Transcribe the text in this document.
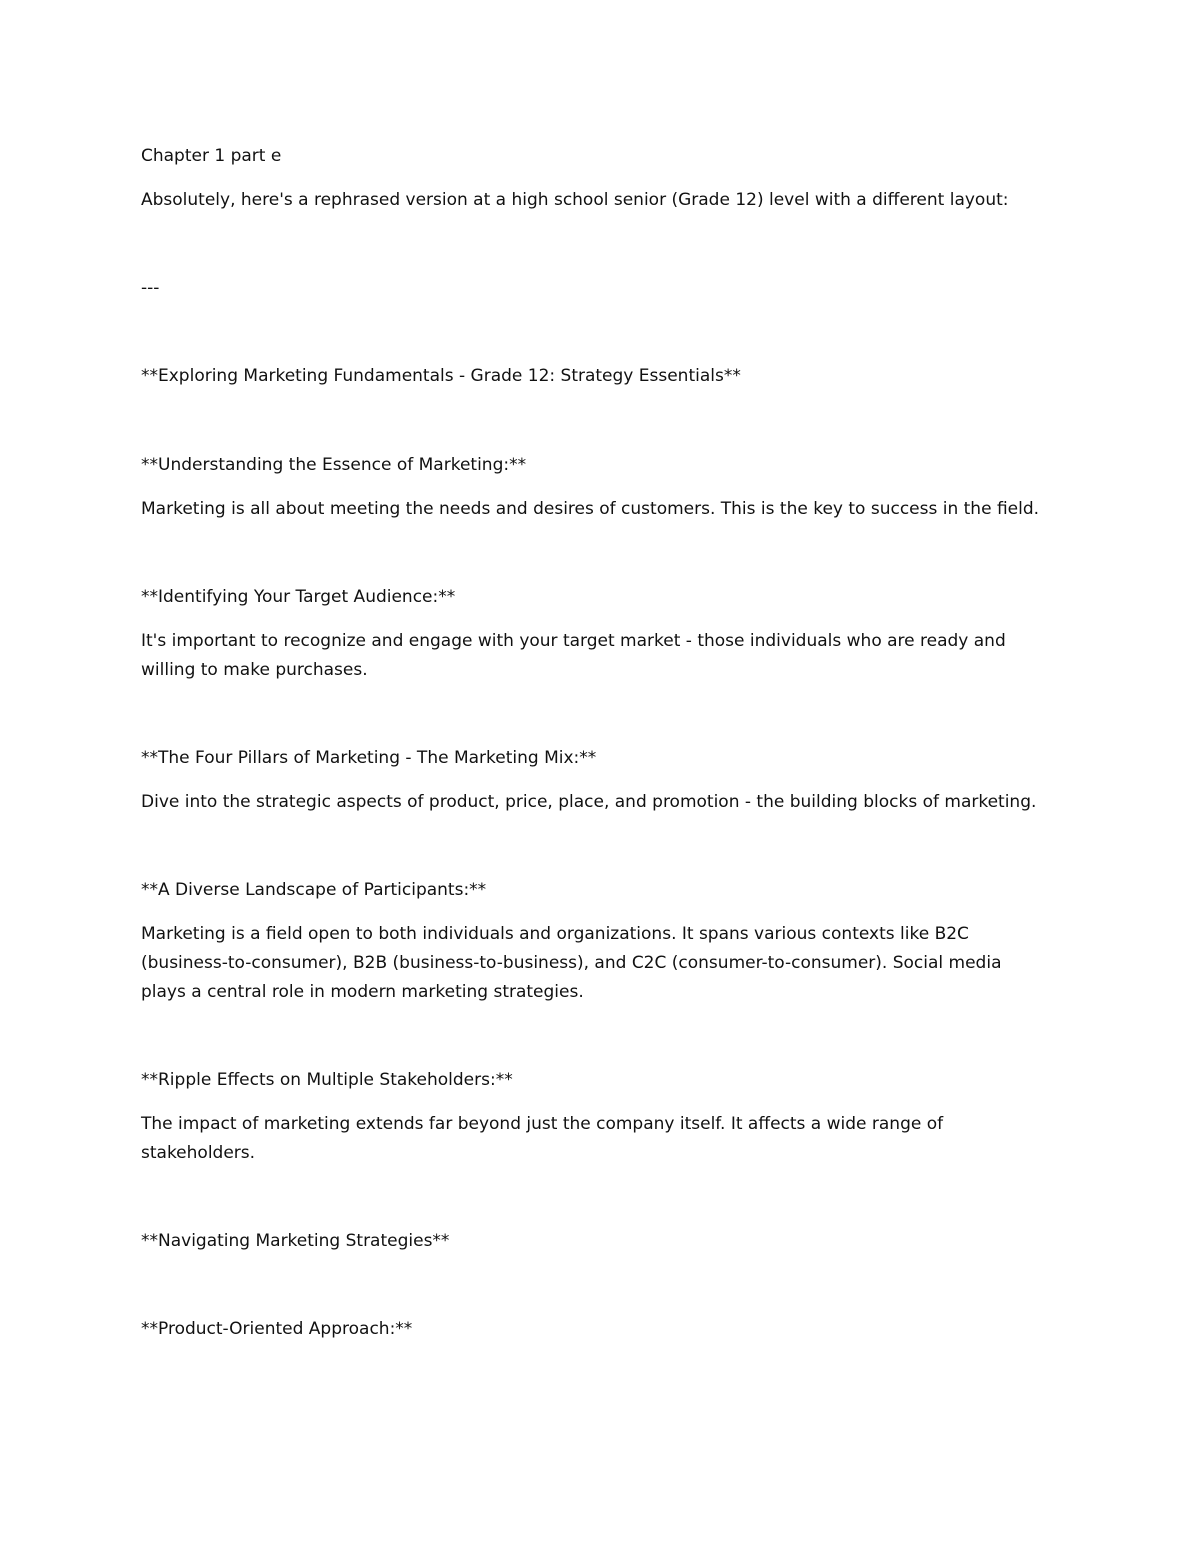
Chapter 1 part e

Absolutely, here's a rephrased version at a high school senior (Grade 12) level with a different layout:

---

**Exploring Marketing Fundamentals - Grade 12: Strategy Essentials**

**Understanding the Essence of Marketing:**

Marketing is all about meeting the needs and desires of customers. This is the key to success in the field.

**Identifying Your Target Audience:**

It's important to recognize and engage with your target market - those individuals who are ready and

willing to make purchases.

**The Four Pillars of Marketing - The Marketing Mix:**

Dive into the strategic aspects of product, price, place, and promotion - the building blocks of marketing.

**A Diverse Landscape of Participants:**

Marketing is a field open to both individuals and organizations. It spans various contexts like B2C

(business-to-consumer), B2B (business-to-business), and C2C (consumer-to-consumer). Social media

plays a central role in modern marketing strategies.

**Ripple Effects on Multiple Stakeholders:**

The impact of marketing extends far beyond just the company itself. It affects a wide range of

stakeholders.

**Navigating Marketing Strategies**

**Product-Oriented Approach:**
